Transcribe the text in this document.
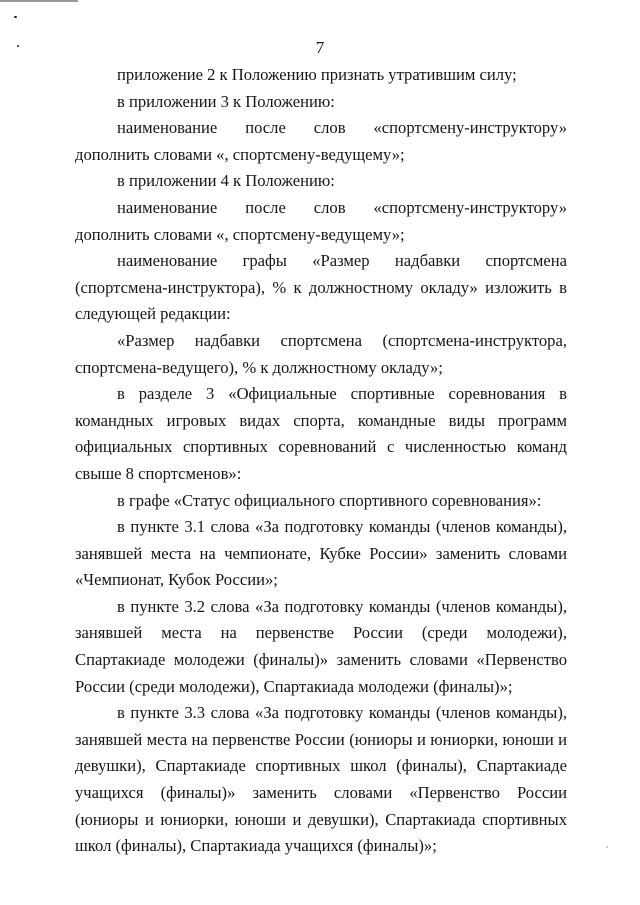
7

приложение 2 к Положению признать утратившим силу;

в приложении 3 к Положению:

наименование после слов «спортсмену-инструктору» дополнить словами «, спортсмену-ведущему»;

в приложении 4 к Положению:

наименование после слов «спортсмену-инструктору» дополнить словами «, спортсмену-ведущему»;

наименование графы «Размер надбавки спортсмена (спортсмена-инструктора), % к должностному окладу» изложить в следующей редакции:

«Размер надбавки спортсмена (спортсмена-инструктора, спортсмена-ведущего), % к должностному окладу»;

в разделе 3 «Официальные спортивные соревнования в командных игровых видах спорта, командные виды программ официальных спортивных соревнований с численностью команд свыше 8 спортсменов»:

в графе «Статус официального спортивного соревнования»:

в пункте 3.1 слова «За подготовку команды (членов команды), занявшей места на чемпионате, Кубке России» заменить словами «Чемпионат, Кубок России»;

в пункте 3.2 слова «За подготовку команды (членов команды), занявшей места на первенстве России (среди молодежи), Спартакиаде молодежи (финалы)» заменить словами «Первенство России (среди молодежи), Спартакиада молодежи (финалы)»;

в пункте 3.3 слова «За подготовку команды (членов команды), занявшей места на первенстве России (юниоры и юниорки, юноши и девушки), Спартакиаде спортивных школ (финалы), Спартакиаде учащихся (финалы)» заменить словами «Первенство России (юниоры и юниорки, юноши и девушки), Спартакиада спортивных школ (финалы), Спартакиада учащихся (финалы)»;
